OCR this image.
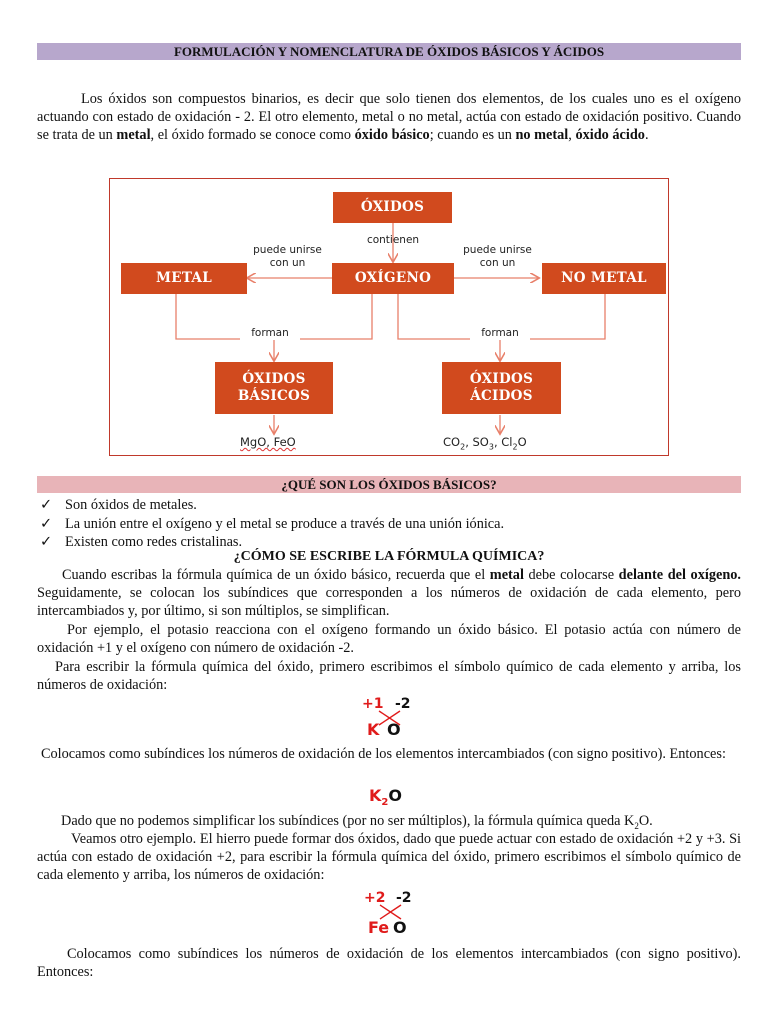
FORMULACIÓN Y NOMENCLATURA DE ÓXIDOS BÁSICOS Y ÁCIDOS
Los óxidos son compuestos binarios, es decir que solo tienen dos elementos, de los cuales uno es el oxígeno actuando con estado de oxidación - 2. El otro elemento, metal o no metal, actúa con estado de oxidación positivo. Cuando se trata de un metal, el óxido formado se conoce como óxido básico; cuando es un no metal, óxido ácido.
ÓXIDOS
contienen
METAL	OXÍGENO	NO METAL
puede unirse
con un
puede unirse
con un
forman	forman
ÓXIDOS
BÁSICOS
ÓXIDOS
ÁCIDOS
MgO, FeO	$CO_2$, $SO_3$, $Cl_2O$
¿QUÉ SON LOS ÓXIDOS BÁSICOS?
✓ Son óxidos de metales.
✓ La unión entre el oxígeno y el metal se produce a través de una unión iónica.
✓ Existen como redes cristalinas.
¿CÓMO SE ESCRIBE LA FÓRMULA QUÍMICA?
Cuando escribas la fórmula química de un óxido básico, recuerda que el metal debe colocarse delante del oxígeno. Seguidamente, se colocan los subíndices que corresponden a los números de oxidación de cada elemento, pero intercambiados y, por último, si son múltiplos, se simplifican.
Por ejemplo, el potasio reacciona con el oxígeno formando un óxido básico. El potasio actúa con número de oxidación +1 y el oxígeno con número de oxidación -2.
Para escribir la fórmula química del óxido, primero escribimos el símbolo químico de cada elemento y arriba, los números de oxidación:
+1 -2
K O
Colocamos como subíndices los números de oxidación de los elementos intercambiados (con signo positivo). Entonces:
$K_2O$
Dado que no podemos simplificar los subíndices (por no ser múltiplos), la fórmula química queda $K_2O$.
Veamos otro ejemplo. El hierro puede formar dos óxidos, dado que puede actuar con estado de oxidación +2 y +3. Si actúa con estado de oxidación +2, para escribir la fórmula química del óxido, primero escribimos el símbolo químico de cada elemento y arriba, los números de oxidación:
+2 -2
Fe O
Colocamos como subíndices los números de oxidación de los elementos intercambiados (con signo positivo). Entonces:
